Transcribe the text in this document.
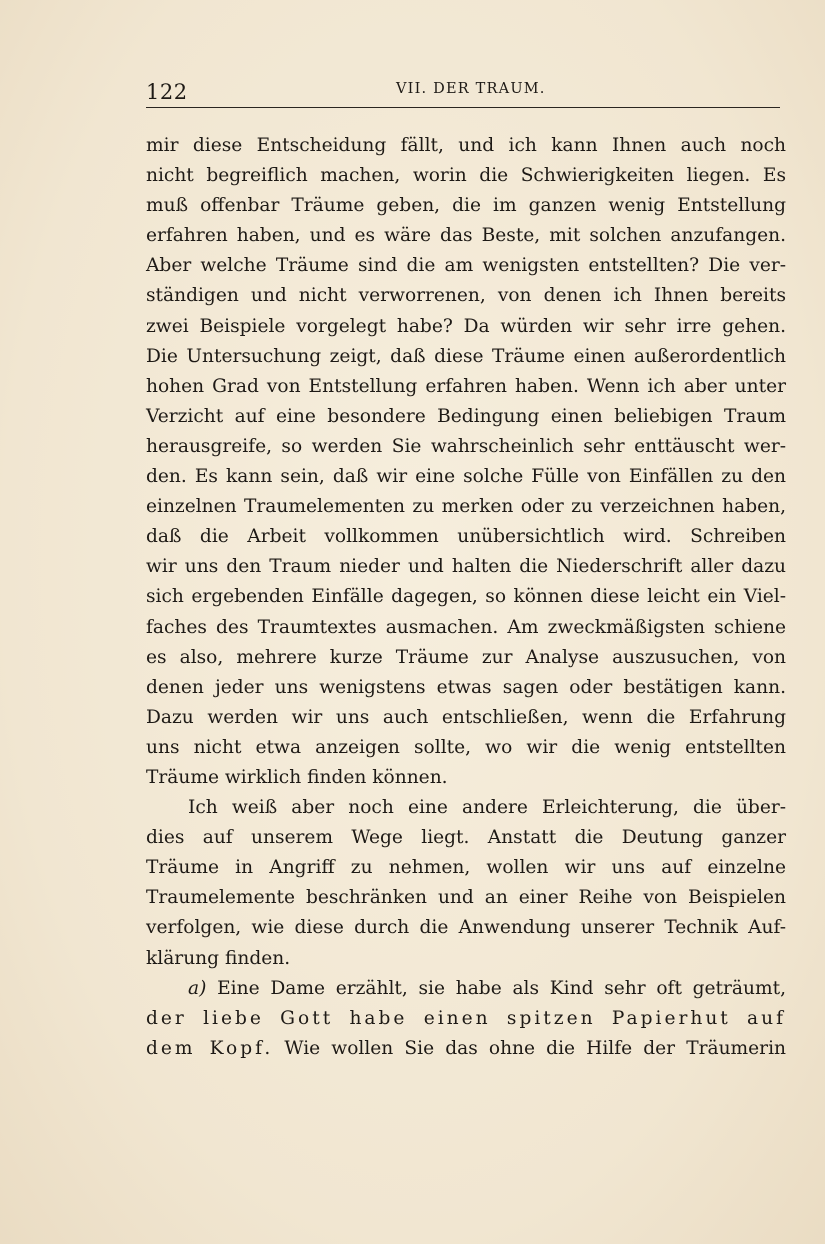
122	VII. DER TRAUM.
mir diese Entscheidung fällt, und ich kann Ihnen auch noch
nicht begreiflich machen, worin die Schwierigkeiten liegen. Es
muß offenbar Träume geben, die im ganzen wenig Entstellung
erfahren haben, und es wäre das Beste, mit solchen anzufangen.
Aber welche Träume sind die am wenigsten entstellten? Die ver-
ständigen und nicht verworrenen, von denen ich Ihnen bereits
zwei Beispiele vorgelegt habe? Da würden wir sehr irre gehen.
Die Untersuchung zeigt, daß diese Träume einen außerordentlich
hohen Grad von Entstellung erfahren haben. Wenn ich aber unter
Verzicht auf eine besondere Bedingung einen beliebigen Traum
herausgreife, so werden Sie wahrscheinlich sehr enttäuscht wer-
den. Es kann sein, daß wir eine solche Fülle von Einfällen zu den
einzelnen Traumelementen zu merken oder zu verzeichnen haben,
daß die Arbeit vollkommen unübersichtlich wird. Schreiben
wir uns den Traum nieder und halten die Niederschrift aller dazu
sich ergebenden Einfälle dagegen, so können diese leicht ein Viel-
faches des Traumtextes ausmachen. Am zweckmäßigsten schiene
es also, mehrere kurze Träume zur Analyse auszusuchen, von
denen jeder uns wenigstens etwas sagen oder bestätigen kann.
Dazu werden wir uns auch entschließen, wenn die Erfahrung
uns nicht etwa anzeigen sollte, wo wir die wenig entstellten
Träume wirklich finden können.
Ich weiß aber noch eine andere Erleichterung, die über-
dies auf unserem Wege liegt. Anstatt die Deutung ganzer
Träume in Angriff zu nehmen, wollen wir uns auf einzelne
Traumelemente beschränken und an einer Reihe von Beispielen
verfolgen, wie diese durch die Anwendung unserer Technik Auf-
klärung finden.
a) Eine Dame erzählt, sie habe als Kind sehr oft geträumt,
der liebe Gott habe einen spitzen Papierhut auf
dem Kopf. Wie wollen Sie das ohne die Hilfe der Träumerin
